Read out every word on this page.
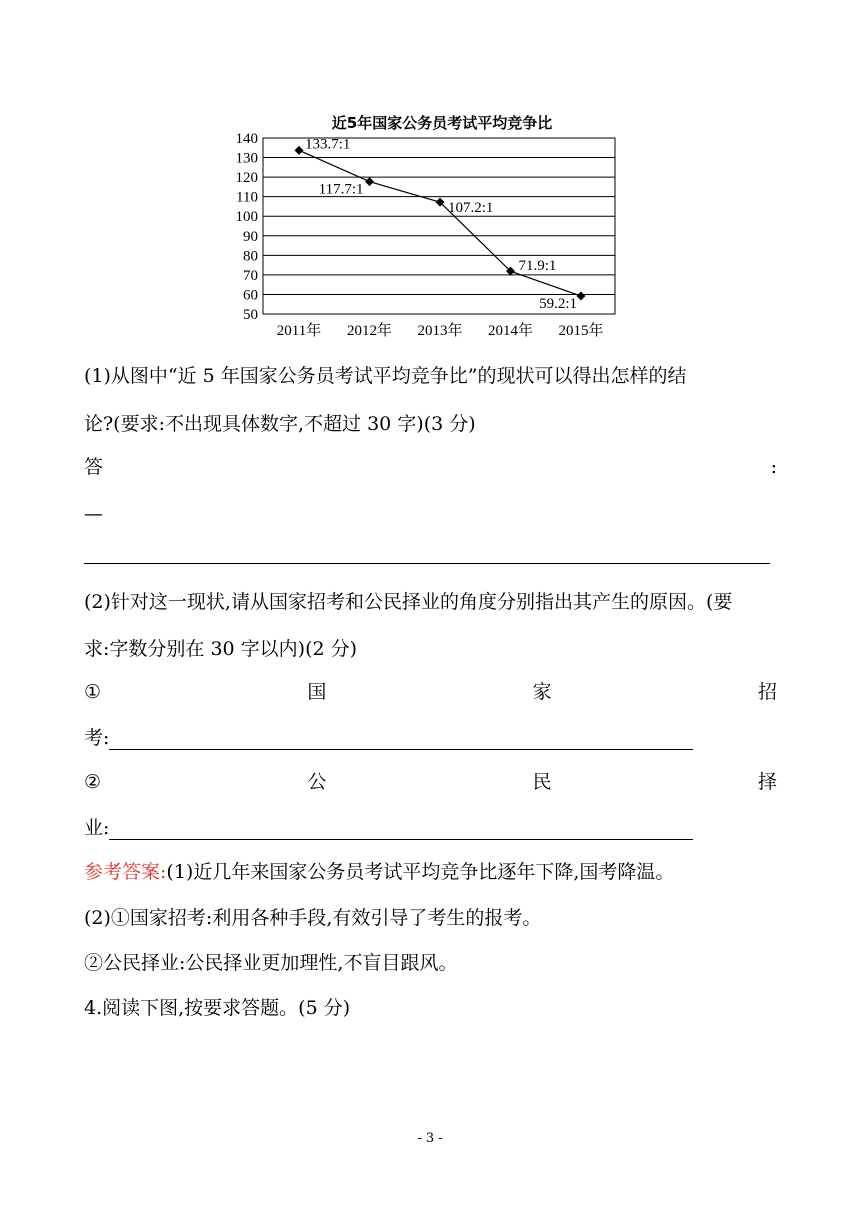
近5年国家公务员考试平均竞争比
140
130
120
110
100
90
80
70
60
50
2011年 2012年 2013年 2014年 2015年
133.7:1
117.7:1
107.2:1
71.9:1
59.2:1
(1)从图中“近 5 年国家公务员考试平均竞争比”的现状可以得出怎样的结
论?(要求:不出现具体数字,不超过 30 字)(3 分)
答	:
—
(2)针对这一现状,请从国家招考和公民择业的角度分别指出其产生的原因。(要
求:字数分别在 30 字以内)(2 分)
①	国	家	招
考:
②	公	民	择
业:
参考答案:(1)近几年来国家公务员考试平均竞争比逐年下降,国考降温。
(2)①国家招考:利用各种手段,有效引导了考生的报考。
②公民择业:公民择业更加理性,不盲目跟风。
4.阅读下图,按要求答题。(5 分)
- 3 -
